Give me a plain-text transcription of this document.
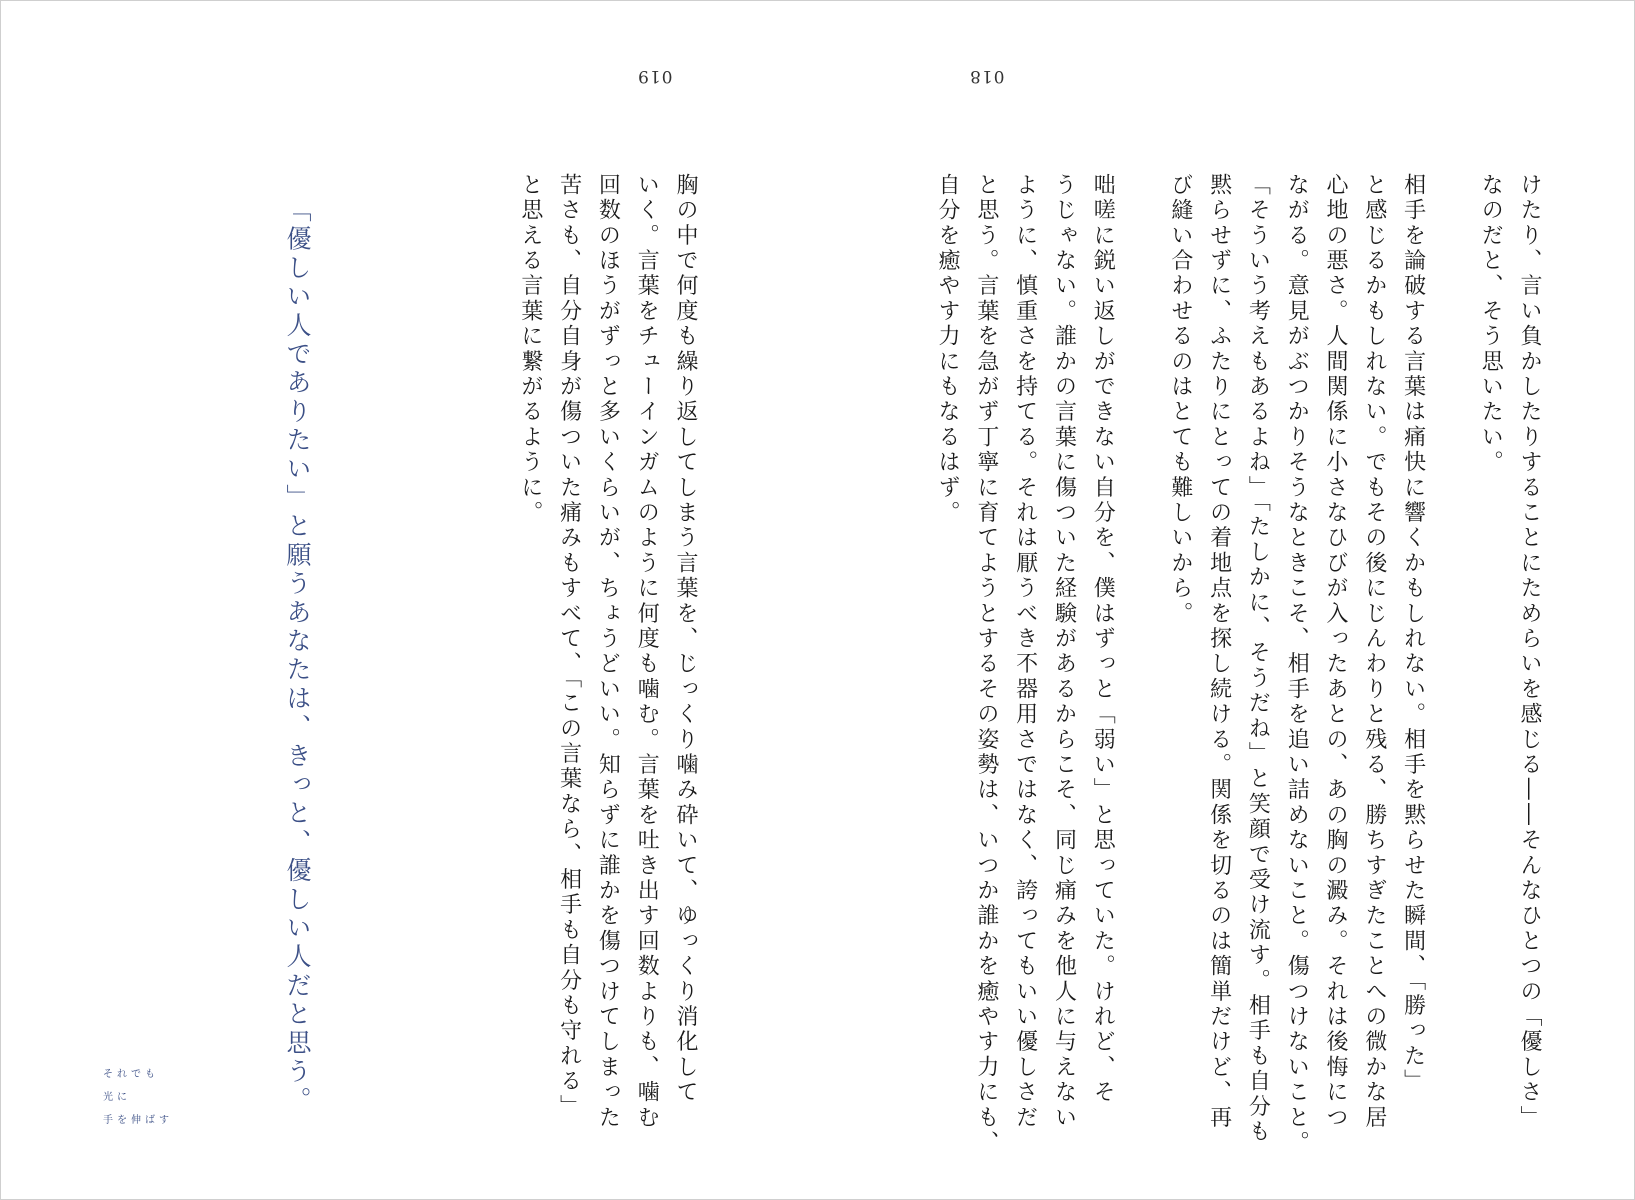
019	018
けたり、言い負かしたりすることにためらいを感じる――そんなひとつの「優しさ」
なのだと、そう思いたい。

相手を論破する言葉は痛快に響くかもしれない。相手を黙らせた瞬間、「勝った」
と感じるかもしれない。でもその後にじんわりと残る、勝ちすぎたことへの微かな居
心地の悪さ。人間関係に小さなひびが入ったあとの、あの胸の澱み。それは後悔につ
ながる。意見がぶつかりそうなときこそ、相手を追い詰めないこと。傷つけないこと。
「そういう考えもあるよね」「たしかに、そうだね」と笑顔で受け流す。相手も自分も
黙らせずに、ふたりにとっての着地点を探し続ける。関係を切るのは簡単だけど、再
び縫い合わせるのはとても難しいから。

咄嗟に鋭い返しができない自分を、僕はずっと「弱い」と思っていた。けれど、そ
うじゃない。誰かの言葉に傷ついた経験があるからこそ、同じ痛みを他人に与えない
ように、慎重さを持てる。それは厭うべき不器用さではなく、誇ってもいい優しさだ
と思う。言葉を急がず丁寧に育てようとするその姿勢は、いつか誰かを癒やす力にも、
自分を癒やす力にもなるはず。
胸の中で何度も繰り返してしまう言葉を、じっくり噛み砕いて、ゆっくり消化して
いく。言葉をチューインガムのように何度も噛む。言葉を吐き出す回数よりも、噛む
回数のほうがずっと多いくらいが、ちょうどいい。知らずに誰かを傷つけてしまった
苦さも、自分自身が傷ついた痛みもすべて、「この言葉なら、相手も自分も守れる」
と思える言葉に繋がるように。
「優しい人でありたい」と願うあなたは、きっと、優しい人だと思う。
それでも
光に
手を伸ばす
